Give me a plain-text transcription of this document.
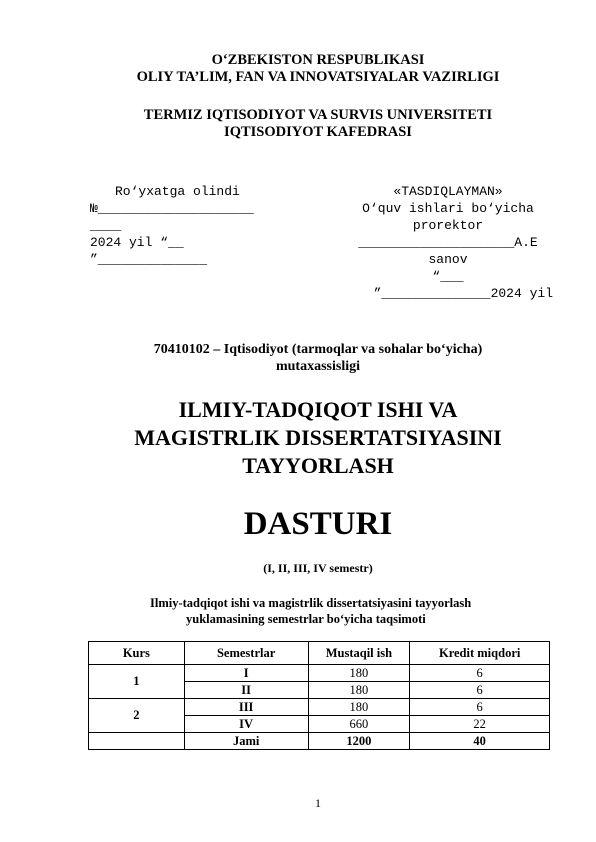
O‘ZBEKISTON RESPUBLIKASI
OLIY TA’LIM, FAN VA INNOVATSIYALAR VAZIRLIGI
TERMIZ IQTISODIYOT VA SURVIS UNIVERSITETI
IQTISODIYOT KAFEDRASI
Ro‘yxatga olindi
№____________________
____
2024 yil “__
”______________
«TASDIQLAYMAN»
O‘quv ishlari bo‘yicha
prorektor
____________________A.E
sanov
“___
”______________2024 yil
70410102 – Iqtisodiyot (tarmoqlar va sohalar bo‘yicha)
mutaxassisligi
ILMIY-TADQIQOT ISHI VA
MAGISTRLIK DISSERTATSIYASINI
TAYYORLASH
DASTURI
(I, II, III, IV semestr)
Ilmiy-tadqiqot ishi va magistrlik dissertatsiyasini tayyorlash
yuklamasining semestrlar bo‘yicha taqsimoti
Kurs	Semestrlar	Mustaqil ish	Kredit miqdori
1	I	180	6
	II	180	6
2	III	180	6
	IV	660	22
	Jami	1200	40
1
